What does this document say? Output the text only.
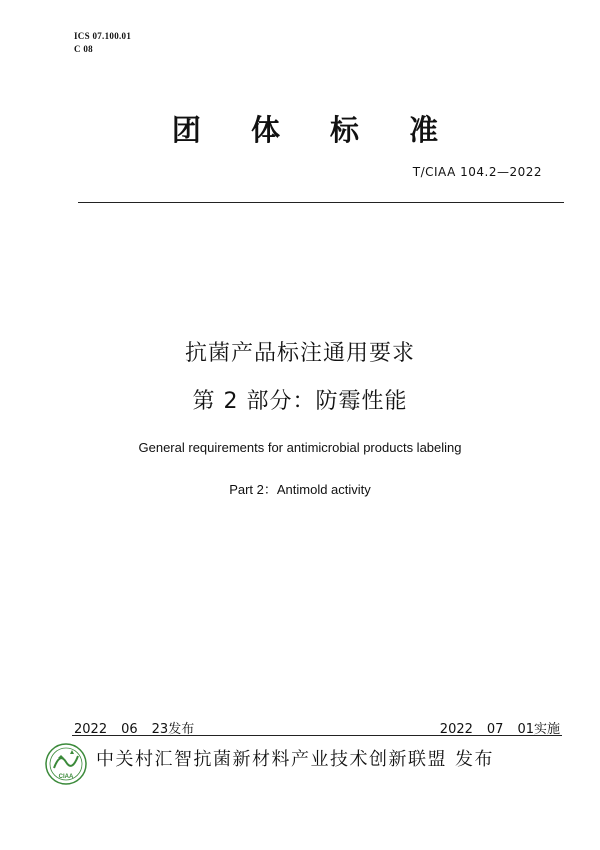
ICS 07.100.01
C 08
团 体 标 准
T/CIAA 104.2—2022
抗菌产品标注通用要求
第 2 部分：防霉性能
General requirements for antimicrobial products labeling
Part 2：Antimold activity
2022 06 23发布	2022 07 01实施
CIAA
中关村汇智抗菌新材料产业技术创新联盟 发布
